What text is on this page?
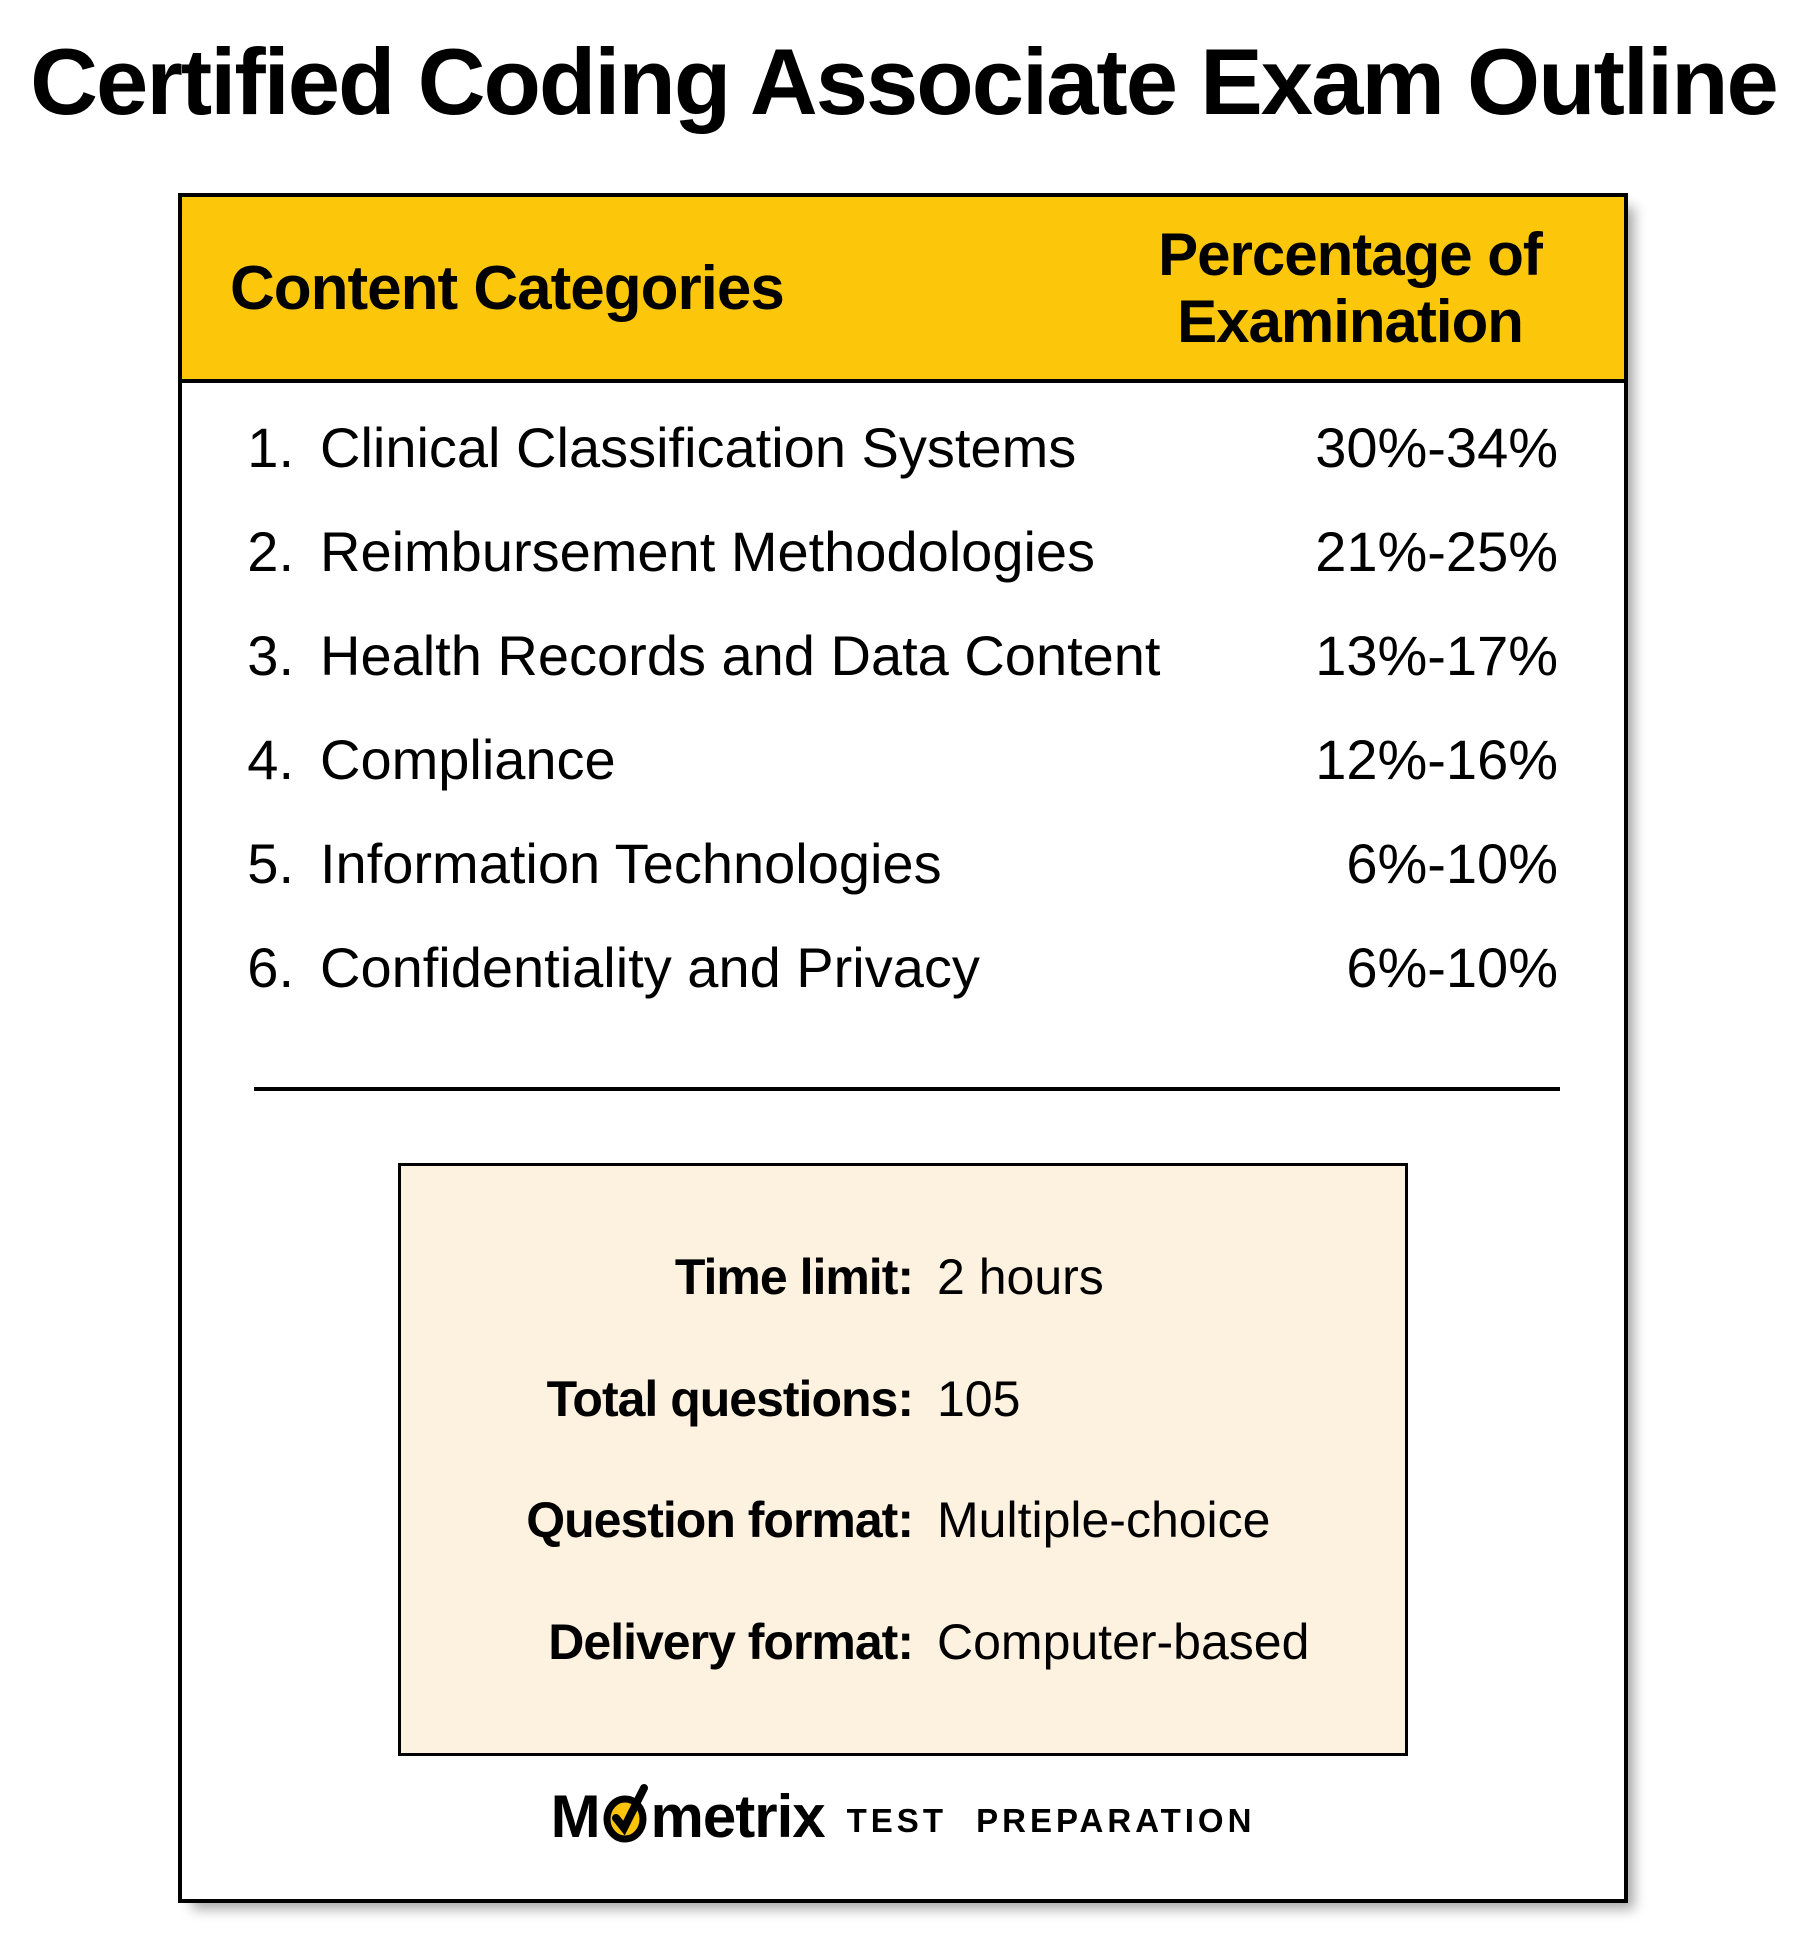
Certified Coding Associate Exam Outline
Content Categories	Percentage of Examination
1. Clinical Classification Systems	30%-34%
2. Reimbursement Methodologies	21%-25%
3. Health Records and Data Content	13%-17%
4. Compliance	12%-16%
5. Information Technologies	6%-10%
6. Confidentiality and Privacy	6%-10%
Time limit: 2 hours
Total questions: 105
Question format: Multiple-choice
Delivery format: Computer-based
M metrix TEST PREPARATION
